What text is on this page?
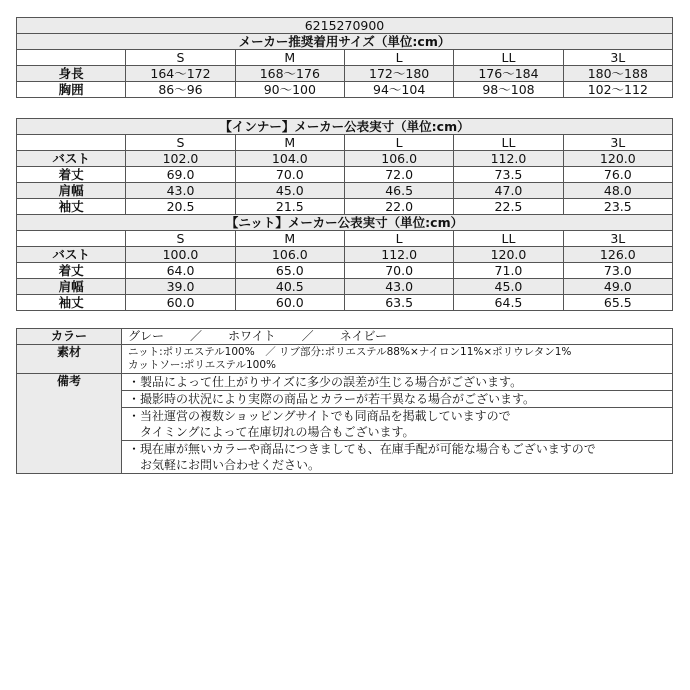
6215270900					
メーカー推奨着用サイズ（単位:cm）					
	S	M	L	LL	3L
身長	164〜172	168〜176	172〜180	176〜184	180〜188
胸囲	86〜96	90〜100	94〜104	98〜108	102〜112
【インナー】メーカー公表実寸（単位:cm）					
	S	M	L	LL	3L
バスト	102.0	104.0	106.0	112.0	120.0
着丈	69.0	70.0	72.0	73.5	76.0
肩幅	43.0	45.0	46.5	47.0	48.0
袖丈	20.5	21.5	22.0	22.5	23.5
【ニット】メーカー公表実寸（単位:cm）					
	S	M	L	LL	3L
バスト	100.0	106.0	112.0	120.0	126.0
着丈	64.0	65.0	70.0	71.0	73.0
肩幅	39.0	40.5	43.0	45.0	49.0
袖丈	60.0	60.0	63.5	64.5	65.5
カラー	グレー ／ ホワイト ／ ネイビー
素材	ニット:ポリエステル100%　／ リブ部分:ポリエステル88%×ナイロン11%×ポリウレタン1%
カットソー:ポリエステル100%

備考	・製品によって仕上がりサイズに多少の誤差が生じる場合がございます。

	・撮影時の状況により実際の商品とカラーが若干異なる場合がございます。

	・当社運営の複数ショッピングサイトでも同商品を掲載していますので
　タイミングによって在庫切れの場合もございます。

	・現在庫が無いカラーや商品につきましても、在庫手配が可能な場合もございますので
　お気軽にお問い合わせください。
